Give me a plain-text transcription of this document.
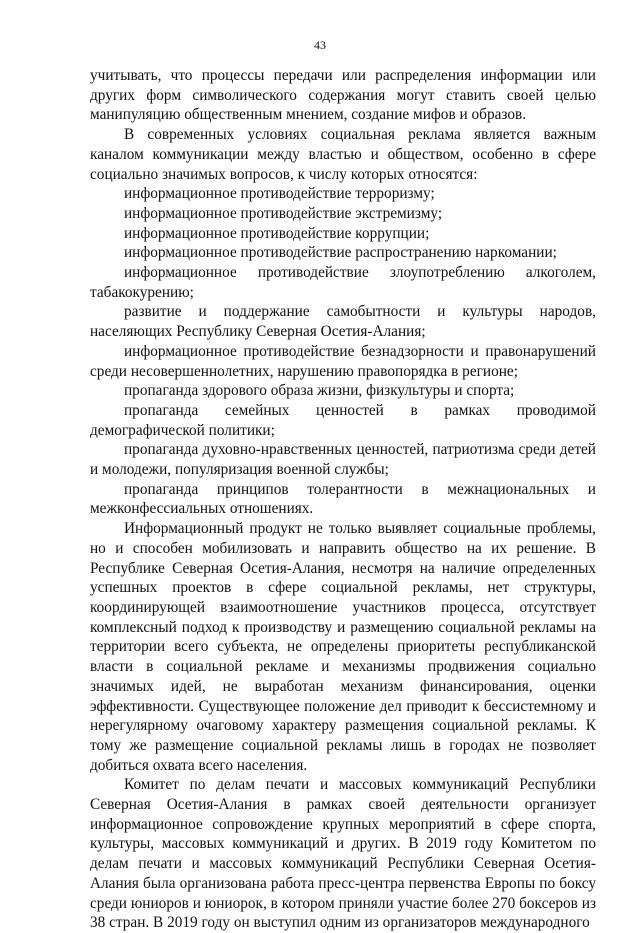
43

учитывать, что процессы передачи или распределения информации или других форм символического содержания могут ставить своей целью манипуляцию общественным мнением, создание мифов и образов.

В современных условиях социальная реклама является важным каналом коммуникации между властью и обществом, особенно в сфере социально значимых вопросов, к числу которых относятся:

информационное противодействие терроризму;

информационное противодействие экстремизму;

информационное противодействие коррупции;

информационное противодействие распространению наркомании;

информационное противодействие злоупотреблению алкоголем, табакокурению;

развитие и поддержание самобытности и культуры народов, населяющих Республику Северная Осетия-Алания;

информационное противодействие безнадзорности и правонарушений среди несовершеннолетних, нарушению правопорядка в регионе;

пропаганда здорового образа жизни, физкультуры и спорта;

пропаганда семейных ценностей в рамках проводимой демографической политики;

пропаганда духовно-нравственных ценностей, патриотизма среди детей и молодежи, популяризация военной службы;

пропаганда принципов толерантности в межнациональных и межконфессиальных отношениях.

Информационный продукт не только выявляет социальные проблемы, но и способен мобилизовать и направить общество на их решение. В Республике Северная Осетия-Алания, несмотря на наличие определенных успешных проектов в сфере социальной рекламы, нет структуры, координирующей взаимоотношение участников процесса, отсутствует комплексный подход к производству и размещению социальной рекламы на территории всего субъекта, не определены приоритеты республиканской власти в социальной рекламе и механизмы продвижения социально значимых идей, не выработан механизм финансирования, оценки эффективности. Существующее положение дел приводит к бессистемному и нерегулярному очаговому характеру размещения социальной рекламы. К тому же размещение социальной рекламы лишь в городах не позволяет добиться охвата всего населения.

Комитет по делам печати и массовых коммуникаций Республики Северная Осетия-Алания в рамках своей деятельности организует информационное сопровождение крупных мероприятий в сфере спорта, культуры, массовых коммуникаций и других. В 2019 году Комитетом по делам печати и массовых коммуникаций Республики Северная Осетия-Алания была организована работа пресс-центра первенства Европы по боксу среди юниоров и юниорок, в котором приняли участие более 270 боксеров из 38 стран. В 2019 году он выступил одним из организаторов международного
